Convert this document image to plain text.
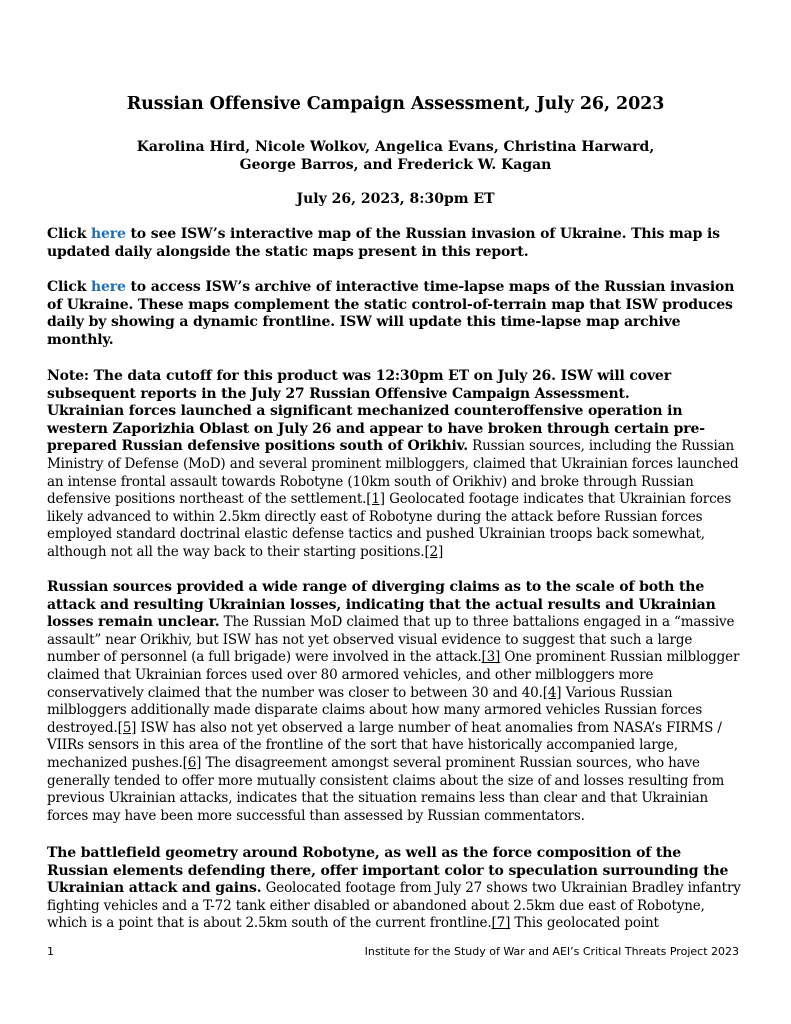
Russian Offensive Campaign Assessment, July 26, 2023
Karolina Hird, Nicole Wolkov, Angelica Evans, Christina Harward,
George Barros, and Frederick W. Kagan
July 26, 2023, 8:30pm ET
Click here to see ISW’s interactive map of the Russian invasion of Ukraine. This map is updated daily alongside the static maps present in this report.
Click here to access ISW’s archive of interactive time-lapse maps of the Russian invasion of Ukraine. These maps complement the static control-of-terrain map that ISW produces daily by showing a dynamic frontline. ISW will update this time-lapse map archive monthly.
Note: The data cutoff for this product was 12:30pm ET on July 26. ISW will cover subsequent reports in the July 27 Russian Offensive Campaign Assessment.
Ukrainian forces launched a significant mechanized counteroffensive operation in western Zaporizhia Oblast on July 26 and appear to have broken through certain pre-prepared Russian defensive positions south of Orikhiv. Russian sources, including the Russian Ministry of Defense (MoD) and several prominent milbloggers, claimed that Ukrainian forces launched an intense frontal assault towards Robotyne (10km south of Orikhiv) and broke through Russian defensive positions northeast of the settlement.[1] Geolocated footage indicates that Ukrainian forces likely advanced to within 2.5km directly east of Robotyne during the attack before Russian forces employed standard doctrinal elastic defense tactics and pushed Ukrainian troops back somewhat, although not all the way back to their starting positions.[2]
Russian sources provided a wide range of diverging claims as to the scale of both the attack and resulting Ukrainian losses, indicating that the actual results and Ukrainian losses remain unclear. The Russian MoD claimed that up to three battalions engaged in a “massive assault” near Orikhiv, but ISW has not yet observed visual evidence to suggest that such a large number of personnel (a full brigade) were involved in the attack.[3] One prominent Russian milblogger claimed that Ukrainian forces used over 80 armored vehicles, and other milbloggers more conservatively claimed that the number was closer to between 30 and 40.[4] Various Russian milbloggers additionally made disparate claims about how many armored vehicles Russian forces destroyed.[5] ISW has also not yet observed a large number of heat anomalies from NASA’s FIRMS / VIIRs sensors in this area of the frontline of the sort that have historically accompanied large, mechanized pushes.[6] The disagreement amongst several prominent Russian sources, who have generally tended to offer more mutually consistent claims about the size of and losses resulting from previous Ukrainian attacks, indicates that the situation remains less than clear and that Ukrainian forces may have been more successful than assessed by Russian commentators.
The battlefield geometry around Robotyne, as well as the force composition of the Russian elements defending there, offer important color to speculation surrounding the Ukrainian attack and gains. Geolocated footage from July 27 shows two Ukrainian Bradley infantry fighting vehicles and a T-72 tank either disabled or abandoned about 2.5km due east of Robotyne, which is a point that is about 2.5km south of the current frontline.[7] This geolocated point
1	Institute for the Study of War and AEI’s Critical Threats Project 2023
